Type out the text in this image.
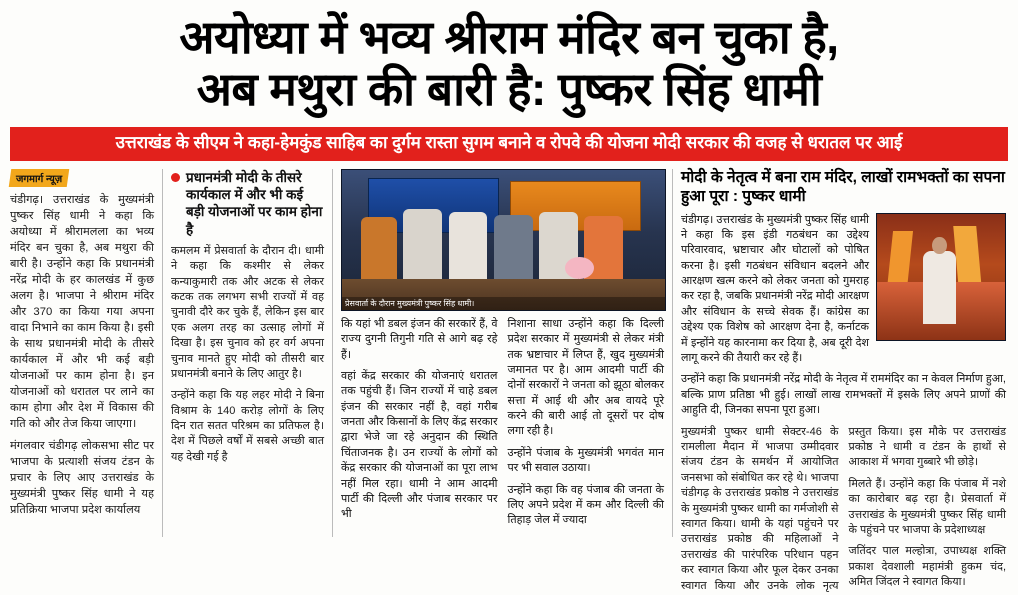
अयोध्या में भव्य श्रीराम मंदिर बन चुका है,
अब मथुरा की बारी है: पुष्कर सिंह धामी
उत्तराखंड के सीएम ने कहा-हेमकुंड साहिब का दुर्गम रास्ता सुगम बनाने व रोपवे की योजना मोदी सरकार की वजह से धरातल पर आई
जगमार्ग न्यूज़

चंडीगढ़। उत्तराखंड के मुख्यमंत्री पुष्कर सिंह धामी ने कहा कि अयोध्या में श्रीरामलला का भव्य मंदिर बन चुका है, अब मथुरा की बारी है। उन्होंने कहा कि प्रधानमंत्री नरेंद्र मोदी के हर कालखंड में कुछ अलग है। भाजपा ने श्रीराम मंदिर और 370 का किया गया अपना वादा निभाने का काम किया है। इसी के साथ प्रधानमंत्री मोदी के तीसरे कार्यकाल में और भी कई बड़ी योजनाओं पर काम होना है। इन योजनाओं को धरातल पर लाने का काम होगा और देश में विकास की गति को और तेज किया जाएगा।

मंगलवार चंडीगढ़ लोकसभा सीट पर भाजपा के प्रत्याशी संजय टंडन के प्रचार के लिए आए उत्तराखंड के मुख्यमंत्री पुष्कर सिंह धामी ने यह प्रतिक्रिया भाजपा प्रदेश कार्यालय

प्रधानमंत्री मोदी के तीसरे कार्यकाल में और भी कई बड़ी योजनाओं पर काम होना है

कमलम में प्रेसवार्ता के दौरान दी। धामी ने कहा कि कश्मीर से लेकर कन्याकुमारी तक और अटक से लेकर कटक तक लगभग सभी राज्यों में वह चुनावी दौरे कर चुके हैं, लेकिन इस बार एक अलग तरह का उत्साह लोगों में दिखा है। इस चुनाव को हर वर्ग अपना चुनाव मानते हुए मोदी को तीसरी बार प्रधानमंत्री बनाने के लिए आतुर है।

उन्होंने कहा कि यह लहर मोदी ने बिना विश्राम के 140 करोड़ लोगों के लिए दिन रात सतत परिश्रम का प्रतिफल है। देश में पिछले वर्षों में सबसे अच्छी बात यह देखी गई है

प्रेसवार्ता के दौरान मुख्यमंत्री पुष्कर सिंह धामी।

कि यहां भी डबल इंजन की सरकारें हैं, वे राज्य दुगनी तिगुनी गति से आगे बढ़ रहे हैं।

वहां केंद्र सरकार की योजनाएं धरातल तक पहुंची हैं। जिन राज्यों में चाहे डबल इंजन की सरकार नहीं है, वहां गरीब जनता और किसानों के लिए केंद्र सरकार द्वारा भेजे जा रहे अनुदान की स्थिति चिंताजनक है। उन राज्यों के लोगों को केंद्र सरकार की योजनाओं का पूरा लाभ नहीं मिल रहा। धामी ने आम आदमी पार्टी की दिल्ली और पंजाब सरकार पर भी

निशाना साधा उन्होंने कहा कि दिल्ली प्रदेश सरकार में मुख्यमंत्री से लेकर मंत्री तक भ्रष्टाचार में लिप्त हैं, खुद मुख्यमंत्री जमानत पर है। आम आदमी पार्टी की दोनों सरकारों ने जनता को झूठा बोलकर सत्ता में आई थी और अब वायदे पूरे करने की बारी आई तो दूसरों पर दोष लगा रही है।

उन्होंने पंजाब के मुख्यमंत्री भगवंत मान पर भी सवाल उठाया।

उन्होंने कहा कि वह पंजाब की जनता के लिए अपने प्रदेश में कम और दिल्ली की तिहाड़ जेल में ज्यादा

मोदी के नेतृत्व में बना राम मंदिर, लाखों रामभक्तों का सपना हुआ पूरा : पुष्कर धामी

चंडीगढ़। उत्तराखंड के मुख्यमंत्री पुष्कर सिंह धामी ने कहा कि इस इंडी गठबंधन का उद्देश्य परिवारवाद, भ्रष्टाचार और घोटालों को पोषित करना है। इसी गठबंधन संविधान बदलने और आरक्षण खत्म करने को लेकर जनता को गुमराह कर रहा है, जबकि प्रधानमंत्री नरेंद्र मोदी आरक्षण और संविधान के सच्चे सेवक हैं। कांग्रेस का उद्देश्य एक विशेष को आरक्षण देना है, कर्नाटक में इन्होंने यह कारनामा कर दिया है, अब दूरी देश लागू करने की तैयारी कर रहे हैं।

उन्होंने कहा कि प्रधानमंत्री नरेंद्र मोदी के नेतृत्व में राममंदिर का न केवल निर्माण हुआ, बल्कि प्राण प्रतिष्ठा भी हुई। लाखों लाख रामभक्तों में इसके लिए अपने प्राणों की आहुति दी, जिनका सपना पूरा हुआ।

मुख्यमंत्री पुष्कर धामी सेक्टर-46 के रामलीला मैदान में भाजपा उम्मीदवार संजय टंडन के समर्थन में आयोजित जनसभा को संबोधित कर रहे थे। भाजपा चंडीगढ़ के उत्तराखंड प्रकोष्ठ ने उत्तराखंड के मुख्यमंत्री पुष्कर धामी का गर्मजोशी से स्वागत किया। धामी के यहां पहुंचने पर उत्तराखंड प्रकोष्ठ की महिलाओं ने उत्तराखंड की पारंपरिक परिधान पहन कर स्वागत किया और फूल देकर उनका स्वागत किया और उनके लोक नृत्य प्रस्तुत किया। इस मौके पर उत्तराखंड प्रकोष्ठ ने धामी व टंडन के हाथों से आकाश में भगवा गुब्बारे भी छोड़े।

मिलते हैं। उन्होंने कहा कि पंजाब में नशे का कारोबार बढ़ रहा है। प्रेसवार्ता में उत्तराखंड के मुख्यमंत्री पुष्कर सिंह धामी के पहुंचने पर भाजपा के प्रदेशाध्यक्ष

जतिंदर पाल मल्होत्रा, उपाध्यक्ष शक्ति प्रकाश देवशाली महामंत्री हुकम चंद, अमित जिंदल ने स्वागत किया।
